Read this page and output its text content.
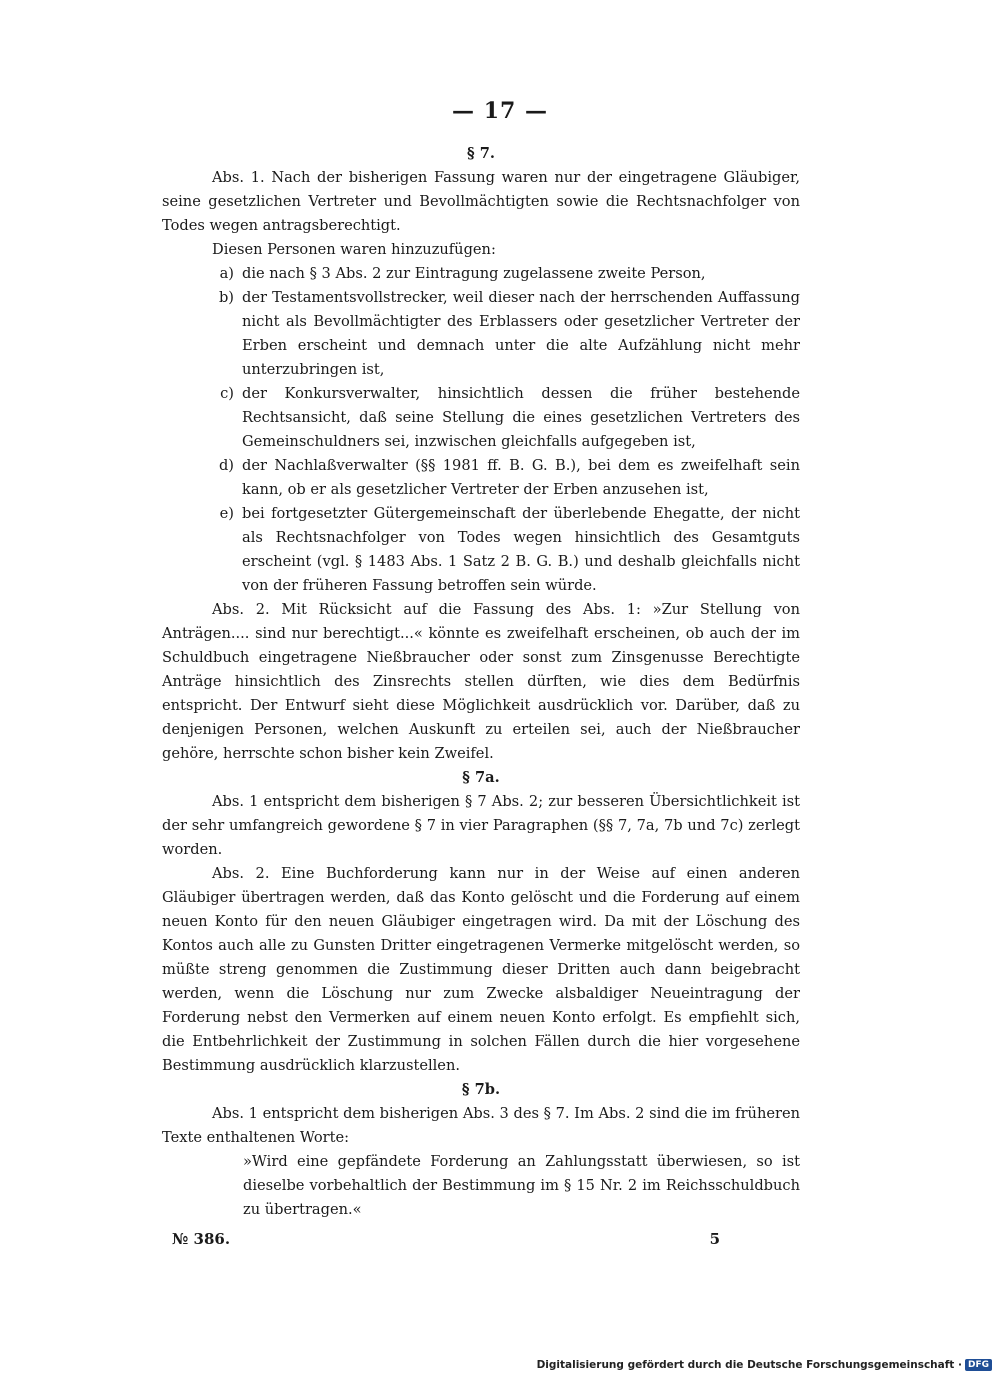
— 17 —
§ 7.

Abs. 1. Nach der bisherigen Fassung waren nur der eingetragene Gläubiger, seine gesetzlichen Vertreter und Bevollmächtigten sowie die Rechtsnachfolger von Todes wegen antragsberechtigt.

Diesen Personen waren hinzuzufügen:

a) die nach § 3 Abs. 2 zur Eintragung zugelassene zweite Person,
b) der Testamentsvollstrecker, weil dieser nach der herrschenden Auffassung nicht als Bevollmächtigter des Erblassers oder gesetzlicher Vertreter der Erben erscheint und demnach unter die alte Aufzählung nicht mehr unterzubringen ist,
c) der Konkursverwalter, hinsichtlich dessen die früher bestehende Rechtsansicht, daß seine Stellung die eines gesetzlichen Vertreters des Gemeinschuldners sei, inzwischen gleichfalls aufgegeben ist,
d) der Nachlaßverwalter (§§ 1981 ff. B. G. B.), bei dem es zweifelhaft sein kann, ob er als gesetzlicher Vertreter der Erben anzusehen ist,
e) bei fortgesetzter Gütergemeinschaft der überlebende Ehegatte, der nicht als Rechtsnachfolger von Todes wegen hinsichtlich des Gesamtguts erscheint (vgl. § 1483 Abs. 1 Satz 2 B. G. B.) und deshalb gleichfalls nicht von der früheren Fassung betroffen sein würde.

Abs. 2. Mit Rücksicht auf die Fassung des Abs. 1: »Zur Stellung von Anträgen.... sind nur berechtigt...« könnte es zweifelhaft erscheinen, ob auch der im Schuldbuch eingetragene Nießbraucher oder sonst zum Zinsgenusse Berechtigte Anträge hinsichtlich des Zinsrechts stellen dürften, wie dies dem Bedürfnis entspricht. Der Entwurf sieht diese Möglichkeit ausdrücklich vor. Darüber, daß zu denjenigen Personen, welchen Auskunft zu erteilen sei, auch der Nießbraucher gehöre, herrschte schon bisher kein Zweifel.

§ 7a.

Abs. 1 entspricht dem bisherigen § 7 Abs. 2; zur besseren Übersichtlichkeit ist der sehr umfangreich gewordene § 7 in vier Paragraphen (§§ 7, 7a, 7b und 7c) zerlegt worden.

Abs. 2. Eine Buchforderung kann nur in der Weise auf einen anderen Gläubiger übertragen werden, daß das Konto gelöscht und die Forderung auf einem neuen Konto für den neuen Gläubiger eingetragen wird. Da mit der Löschung des Kontos auch alle zu Gunsten Dritter eingetragenen Vermerke mitgelöscht werden, so müßte streng genommen die Zustimmung dieser Dritten auch dann beigebracht werden, wenn die Löschung nur zum Zwecke alsbaldiger Neueintragung der Forderung nebst den Vermerken auf einem neuen Konto erfolgt. Es empfiehlt sich, die Entbehrlichkeit der Zustimmung in solchen Fällen durch die hier vorgesehene Bestimmung ausdrücklich klarzustellen.

§ 7b.

Abs. 1 entspricht dem bisherigen Abs. 3 des § 7. Im Abs. 2 sind die im früheren Texte enthaltenen Worte:

»Wird eine gepfändete Forderung an Zahlungsstatt überwiesen, so ist dieselbe vorbehaltlich der Bestimmung im § 15 Nr. 2 im Reichsschuldbuch zu übertragen.«

№ 386.	5
Digitalisierung gefördert durch die Deutsche Forschungsgemeinschaft · DFG
